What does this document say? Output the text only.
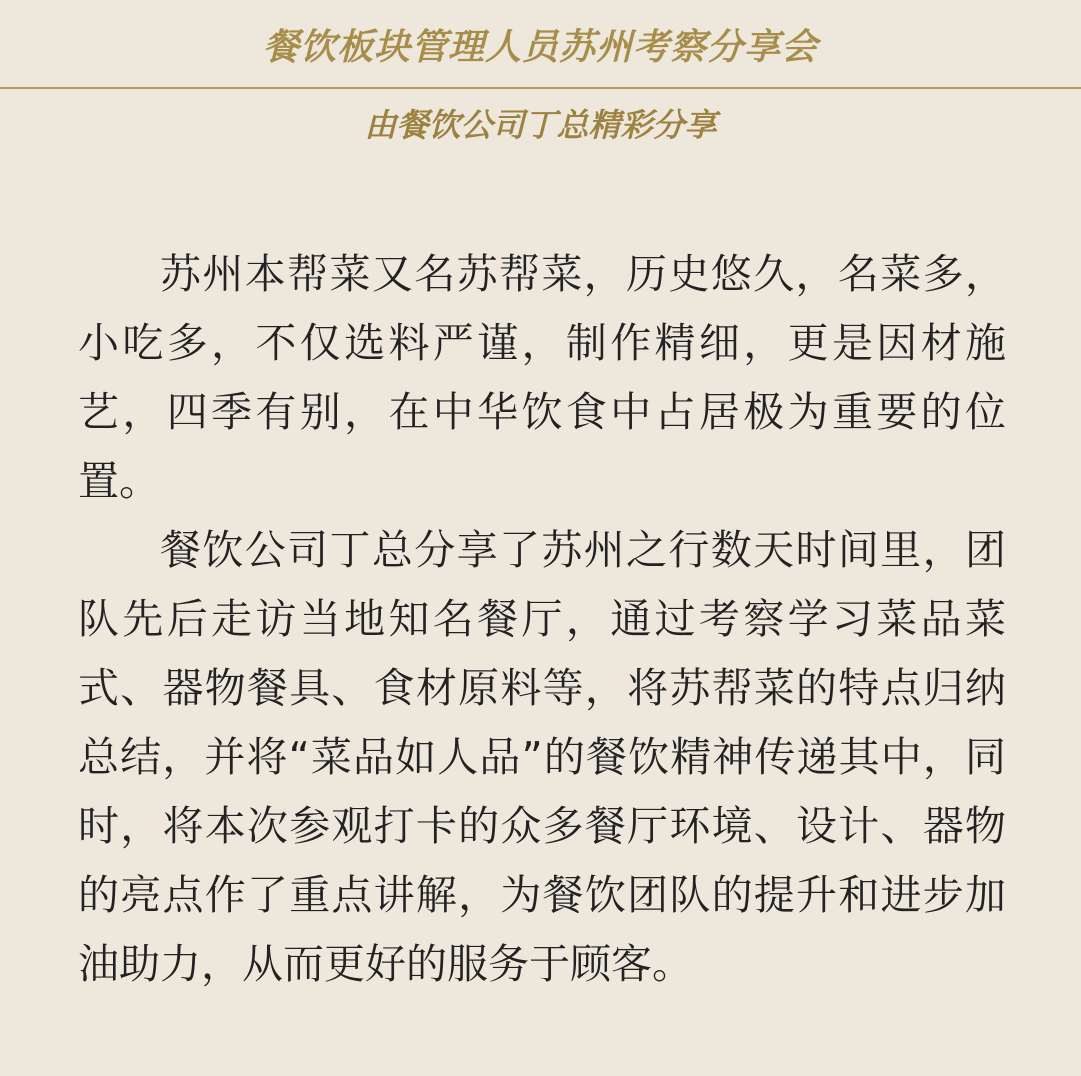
餐饮板块管理人员苏州考察分享会
由餐饮公司丁总精彩分享

苏州本帮菜又名苏帮菜，历史悠久，名菜多，小吃多，不仅选料严谨，制作精细，更是因材施艺，四季有别，在中华饮食中占居极为重要的位置。

餐饮公司丁总分享了苏州之行数天时间里，团队先后走访当地知名餐厅，通过考察学习菜品菜式、器物餐具、食材原料等，将苏帮菜的特点归纳总结，并将“菜品如人品”的餐饮精神传递其中，同时，将本次参观打卡的众多餐厅环境、设计、器物的亮点作了重点讲解，为餐饮团队的提升和进步加油助力，从而更好的服务于顾客。
